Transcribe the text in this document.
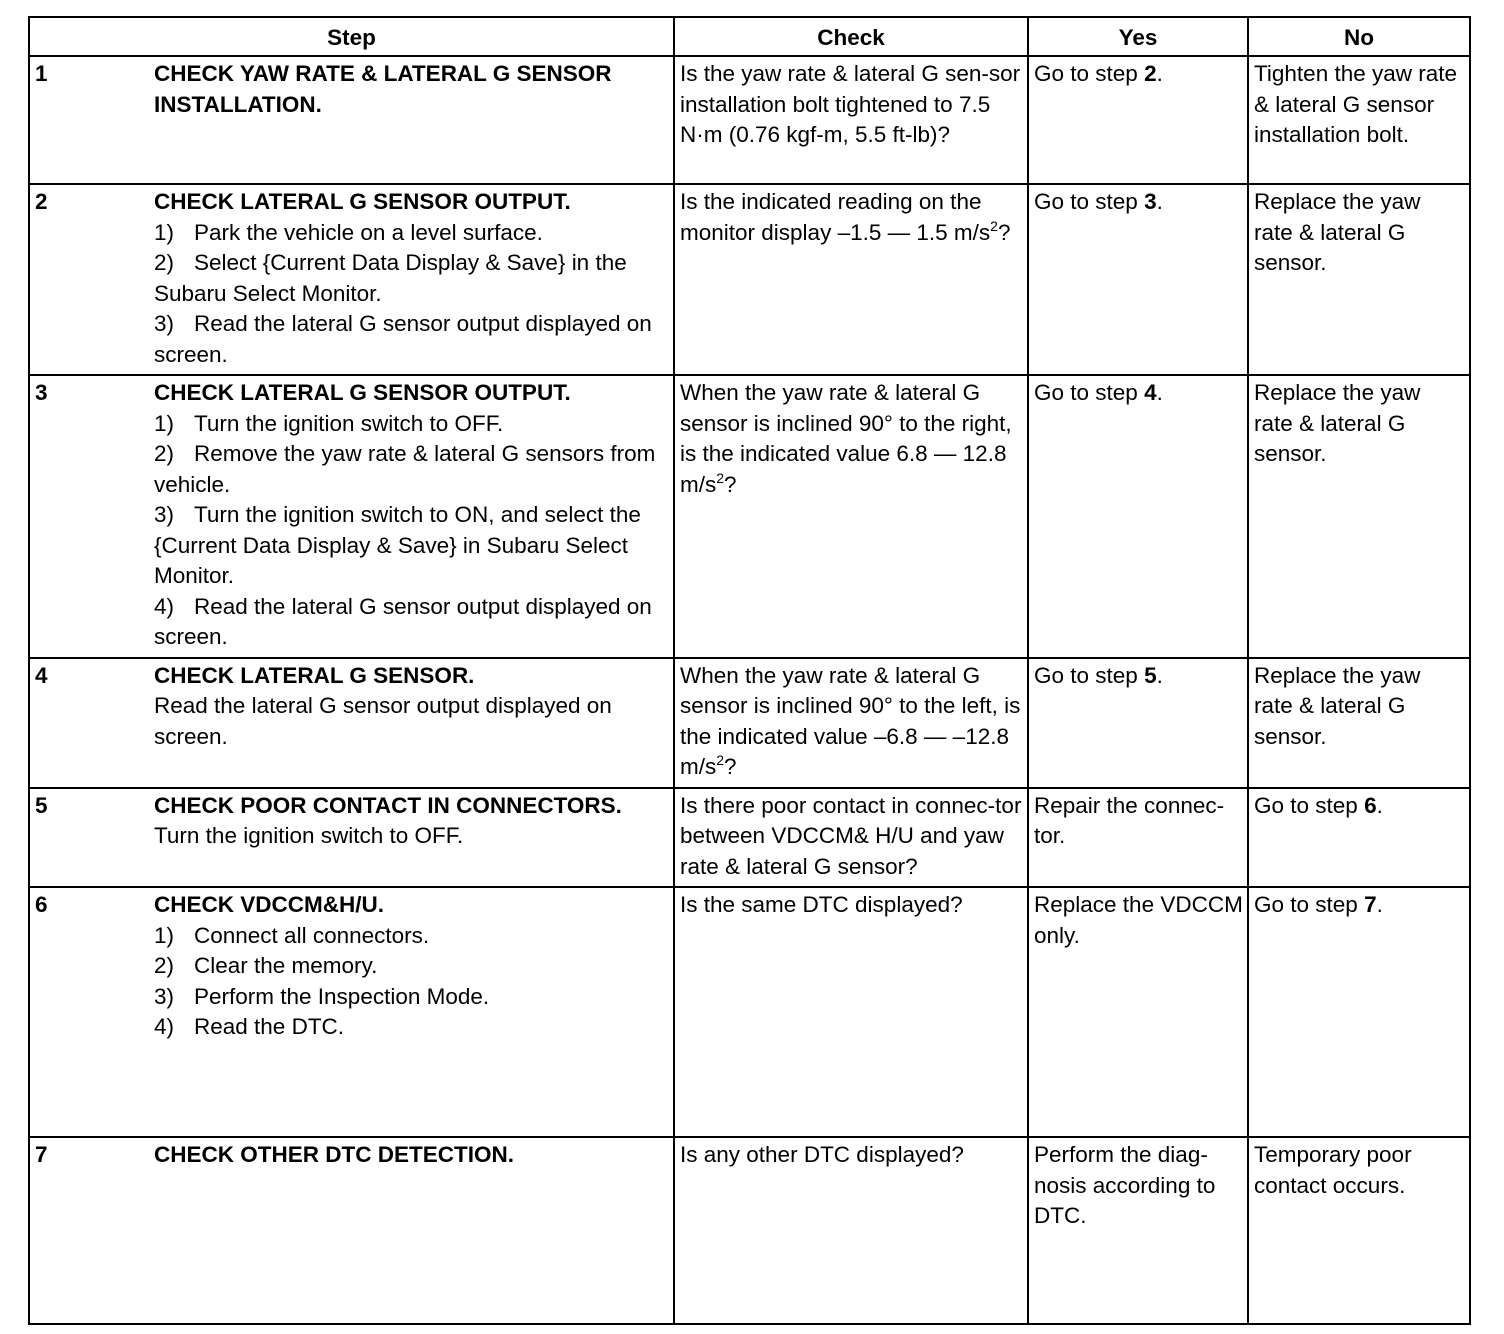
Step	Check	Yes	No
1 CHECK YAW RATE & LATERAL G SENSOR INSTALLATION.	Is the yaw rate & lateral G sen-sor installation bolt tightened to 7.5 N·m (0.76 kgf-m, 5.5 ft-lb)?	Go to step 2.	Tighten the yaw rate & lateral G sensor installation bolt.
2 CHECK LATERAL G SENSOR OUTPUT.
1) Park the vehicle on a level surface.
2) Select {Current Data Display & Save} in the Subaru Select Monitor.
3) Read the lateral G sensor output displayed on screen.	Is the indicated reading on the monitor display –1.5 — 1.5 $m/s^2$?	Go to step 3.	Replace the yaw rate & lateral G sensor.
3 CHECK LATERAL G SENSOR OUTPUT.
1) Turn the ignition switch to OFF.
2) Remove the yaw rate & lateral G sensors from vehicle.
3) Turn the ignition switch to ON, and select the {Current Data Display & Save} in Subaru Select Monitor.
4) Read the lateral G sensor output displayed on screen.	When the yaw rate & lateral G sensor is inclined 90° to the right, is the indicated value 6.8 — 12.8 $m/s^2$?	Go to step 4.	Replace the yaw rate & lateral G sensor.
4 CHECK LATERAL G SENSOR.
Read the lateral G sensor output displayed on screen.	When the yaw rate & lateral G sensor is inclined 90° to the left, is the indicated value –6.8 — –12.8 $m/s^2$?	Go to step 5.	Replace the yaw rate & lateral G sensor.
5 CHECK POOR CONTACT IN CONNECTORS.
Turn the ignition switch to OFF.	Is there poor contact in connec-tor between VDCCM& H/U and yaw rate & lateral G sensor?	Repair the connec-tor.	Go to step 6.
6 CHECK VDCCM&H/U.
1) Connect all connectors.
2) Clear the memory.
3) Perform the Inspection Mode.
4) Read the DTC.	Is the same DTC displayed?	Replace the VDCCM only.	Go to step 7.
7 CHECK OTHER DTC DETECTION.	Is any other DTC displayed?	Perform the diag-nosis according to DTC.	Temporary poor contact occurs.
